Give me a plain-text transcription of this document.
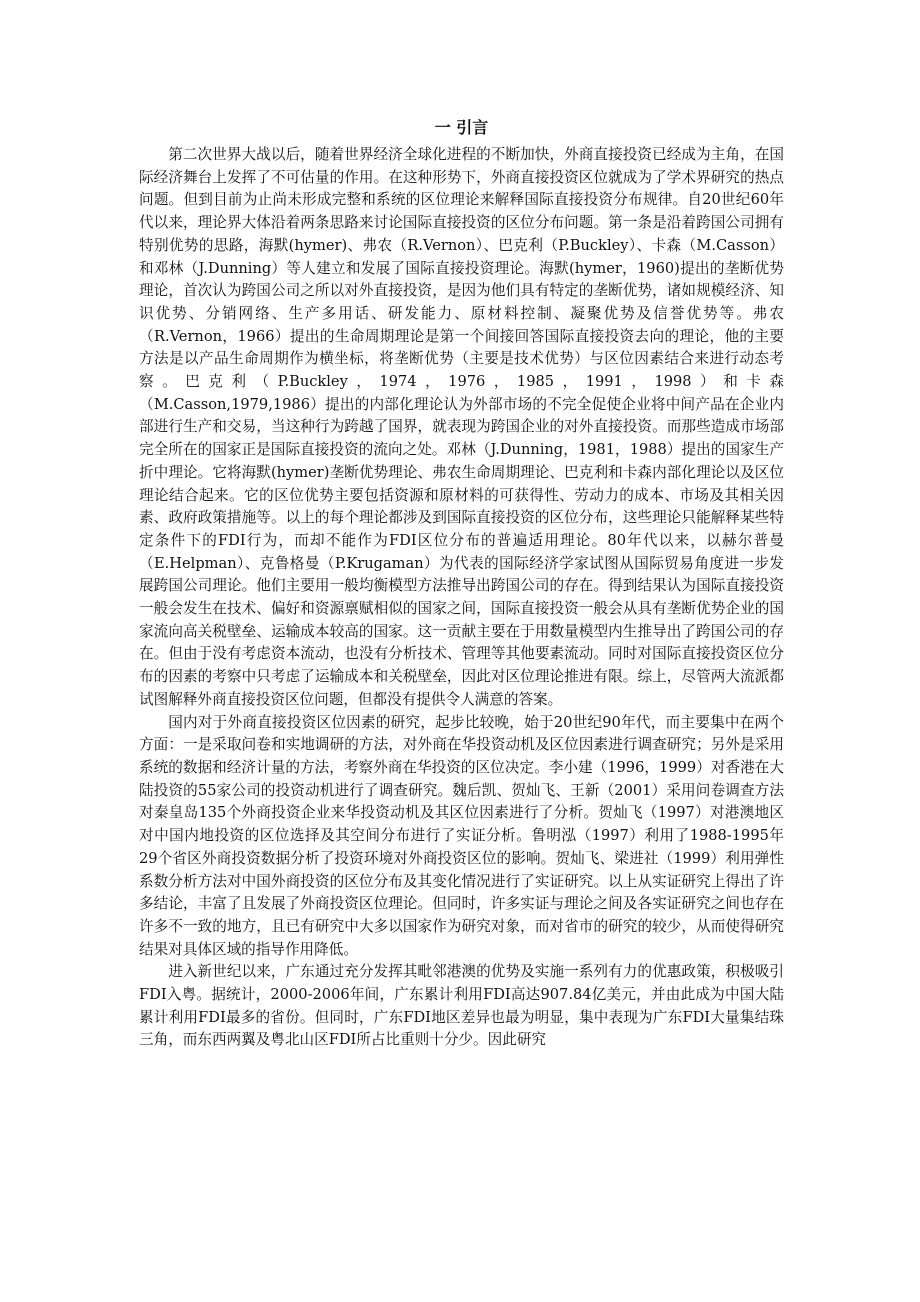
一 引言

第二次世界大战以后，随着世界经济全球化进程的不断加快，外商直接投资已经成为主角，在国际经济舞台上发挥了不可估量的作用。在这种形势下，外商直接投资区位就成为了学术界研究的热点问题。但到目前为止尚未形成完整和系统的区位理论来解释国际直接投资分布规律。自20世纪60年代以来，理论界大体沿着两条思路来讨论国际直接投资的区位分布问题。第一条是沿着跨国公司拥有特别优势的思路，海默(hymer)、弗农（R.Vernon）、巴克利（P.Buckley）、卡森（M.Casson）和邓林（J.Dunning）等人建立和发展了国际直接投资理论。海默(hymer，1960)提出的垄断优势理论，首次认为跨国公司之所以对外直接投资，是因为他们具有特定的垄断优势，诸如规模经济、知识优势、分销网络、生产多用话、研发能力、原材料控制、凝聚优势及信誉优势等。弗农（R.Vernon，1966）提出的生命周期理论是第一个间接回答国际直接投资去向的理论，他的主要方法是以产品生命周期作为横坐标，将垄断优势（主要是技术优势）与区位因素结合来进行动态考察。巴克利（P.Buckley，1974，1976，1985，1991，1998）和卡森（M.Casson,1979,1986）提出的内部化理论认为外部市场的不完全促使企业将中间产品在企业内部进行生产和交易，当这种行为跨越了国界，就表现为跨国企业的对外直接投资。而那些造成市场部完全所在的国家正是国际直接投资的流向之处。邓林（J.Dunning，1981，1988）提出的国家生产折中理论。它将海默(hymer)垄断优势理论、弗农生命周期理论、巴克利和卡森内部化理论以及区位理论结合起来。它的区位优势主要包括资源和原材料的可获得性、劳动力的成本、市场及其相关因素、政府政策措施等。以上的每个理论都涉及到国际直接投资的区位分布，这些理论只能解释某些特定条件下的FDI行为，而却不能作为FDI区位分布的普遍适用理论。80年代以来，以赫尔普曼（E.Helpman）、克鲁格曼（P.Krugaman）为代表的国际经济学家试图从国际贸易角度进一步发展跨国公司理论。他们主要用一般均衡模型方法推导出跨国公司的存在。得到结果认为国际直接投资一般会发生在技术、偏好和资源禀赋相似的国家之间，国际直接投资一般会从具有垄断优势企业的国家流向高关税壁垒、运输成本较高的国家。这一贡献主要在于用数量模型内生推导出了跨国公司的存在。但由于没有考虑资本流动，也没有分析技术、管理等其他要素流动。同时对国际直接投资区位分布的因素的考察中只考虑了运输成本和关税壁垒，因此对区位理论推进有限。综上，尽管两大流派都试图解释外商直接投资区位问题，但都没有提供令人满意的答案。

国内对于外商直接投资区位因素的研究，起步比较晚，始于20世纪90年代，而主要集中在两个方面：一是采取问卷和实地调研的方法，对外商在华投资动机及区位因素进行调查研究；另外是采用系统的数据和经济计量的方法，考察外商在华投资的区位决定。李小建（1996，1999）对香港在大陆投资的55家公司的投资动机进行了调查研究。魏后凯、贺灿飞、王新（2001）采用问卷调查方法对秦皇岛135个外商投资企业来华投资动机及其区位因素进行了分析。贺灿飞（1997）对港澳地区对中国内地投资的区位选择及其空间分布进行了实证分析。鲁明泓（1997）利用了1988-1995年29个省区外商投资数据分析了投资环境对外商投资区位的影响。贺灿飞、梁进社（1999）利用弹性系数分析方法对中国外商投资的区位分布及其变化情况进行了实证研究。以上从实证研究上得出了许多结论，丰富了且发展了外商投资区位理论。但同时，许多实证与理论之间及各实证研究之间也存在许多不一致的地方，且已有研究中大多以国家作为研究对象，而对省市的研究的较少，从而使得研究结果对具体区域的指导作用降低。

进入新世纪以来，广东通过充分发挥其毗邻港澳的优势及实施一系列有力的优惠政策，积极吸引FDI入粤。据统计，2000-2006年间，广东累计利用FDI高达907.84亿美元，并由此成为中国大陆累计利用FDI最多的省份。但同时，广东FDI地区差异也最为明显，集中表现为广东FDI大量集结珠三角，而东西两翼及粤北山区FDI所占比重则十分少。因此研究
